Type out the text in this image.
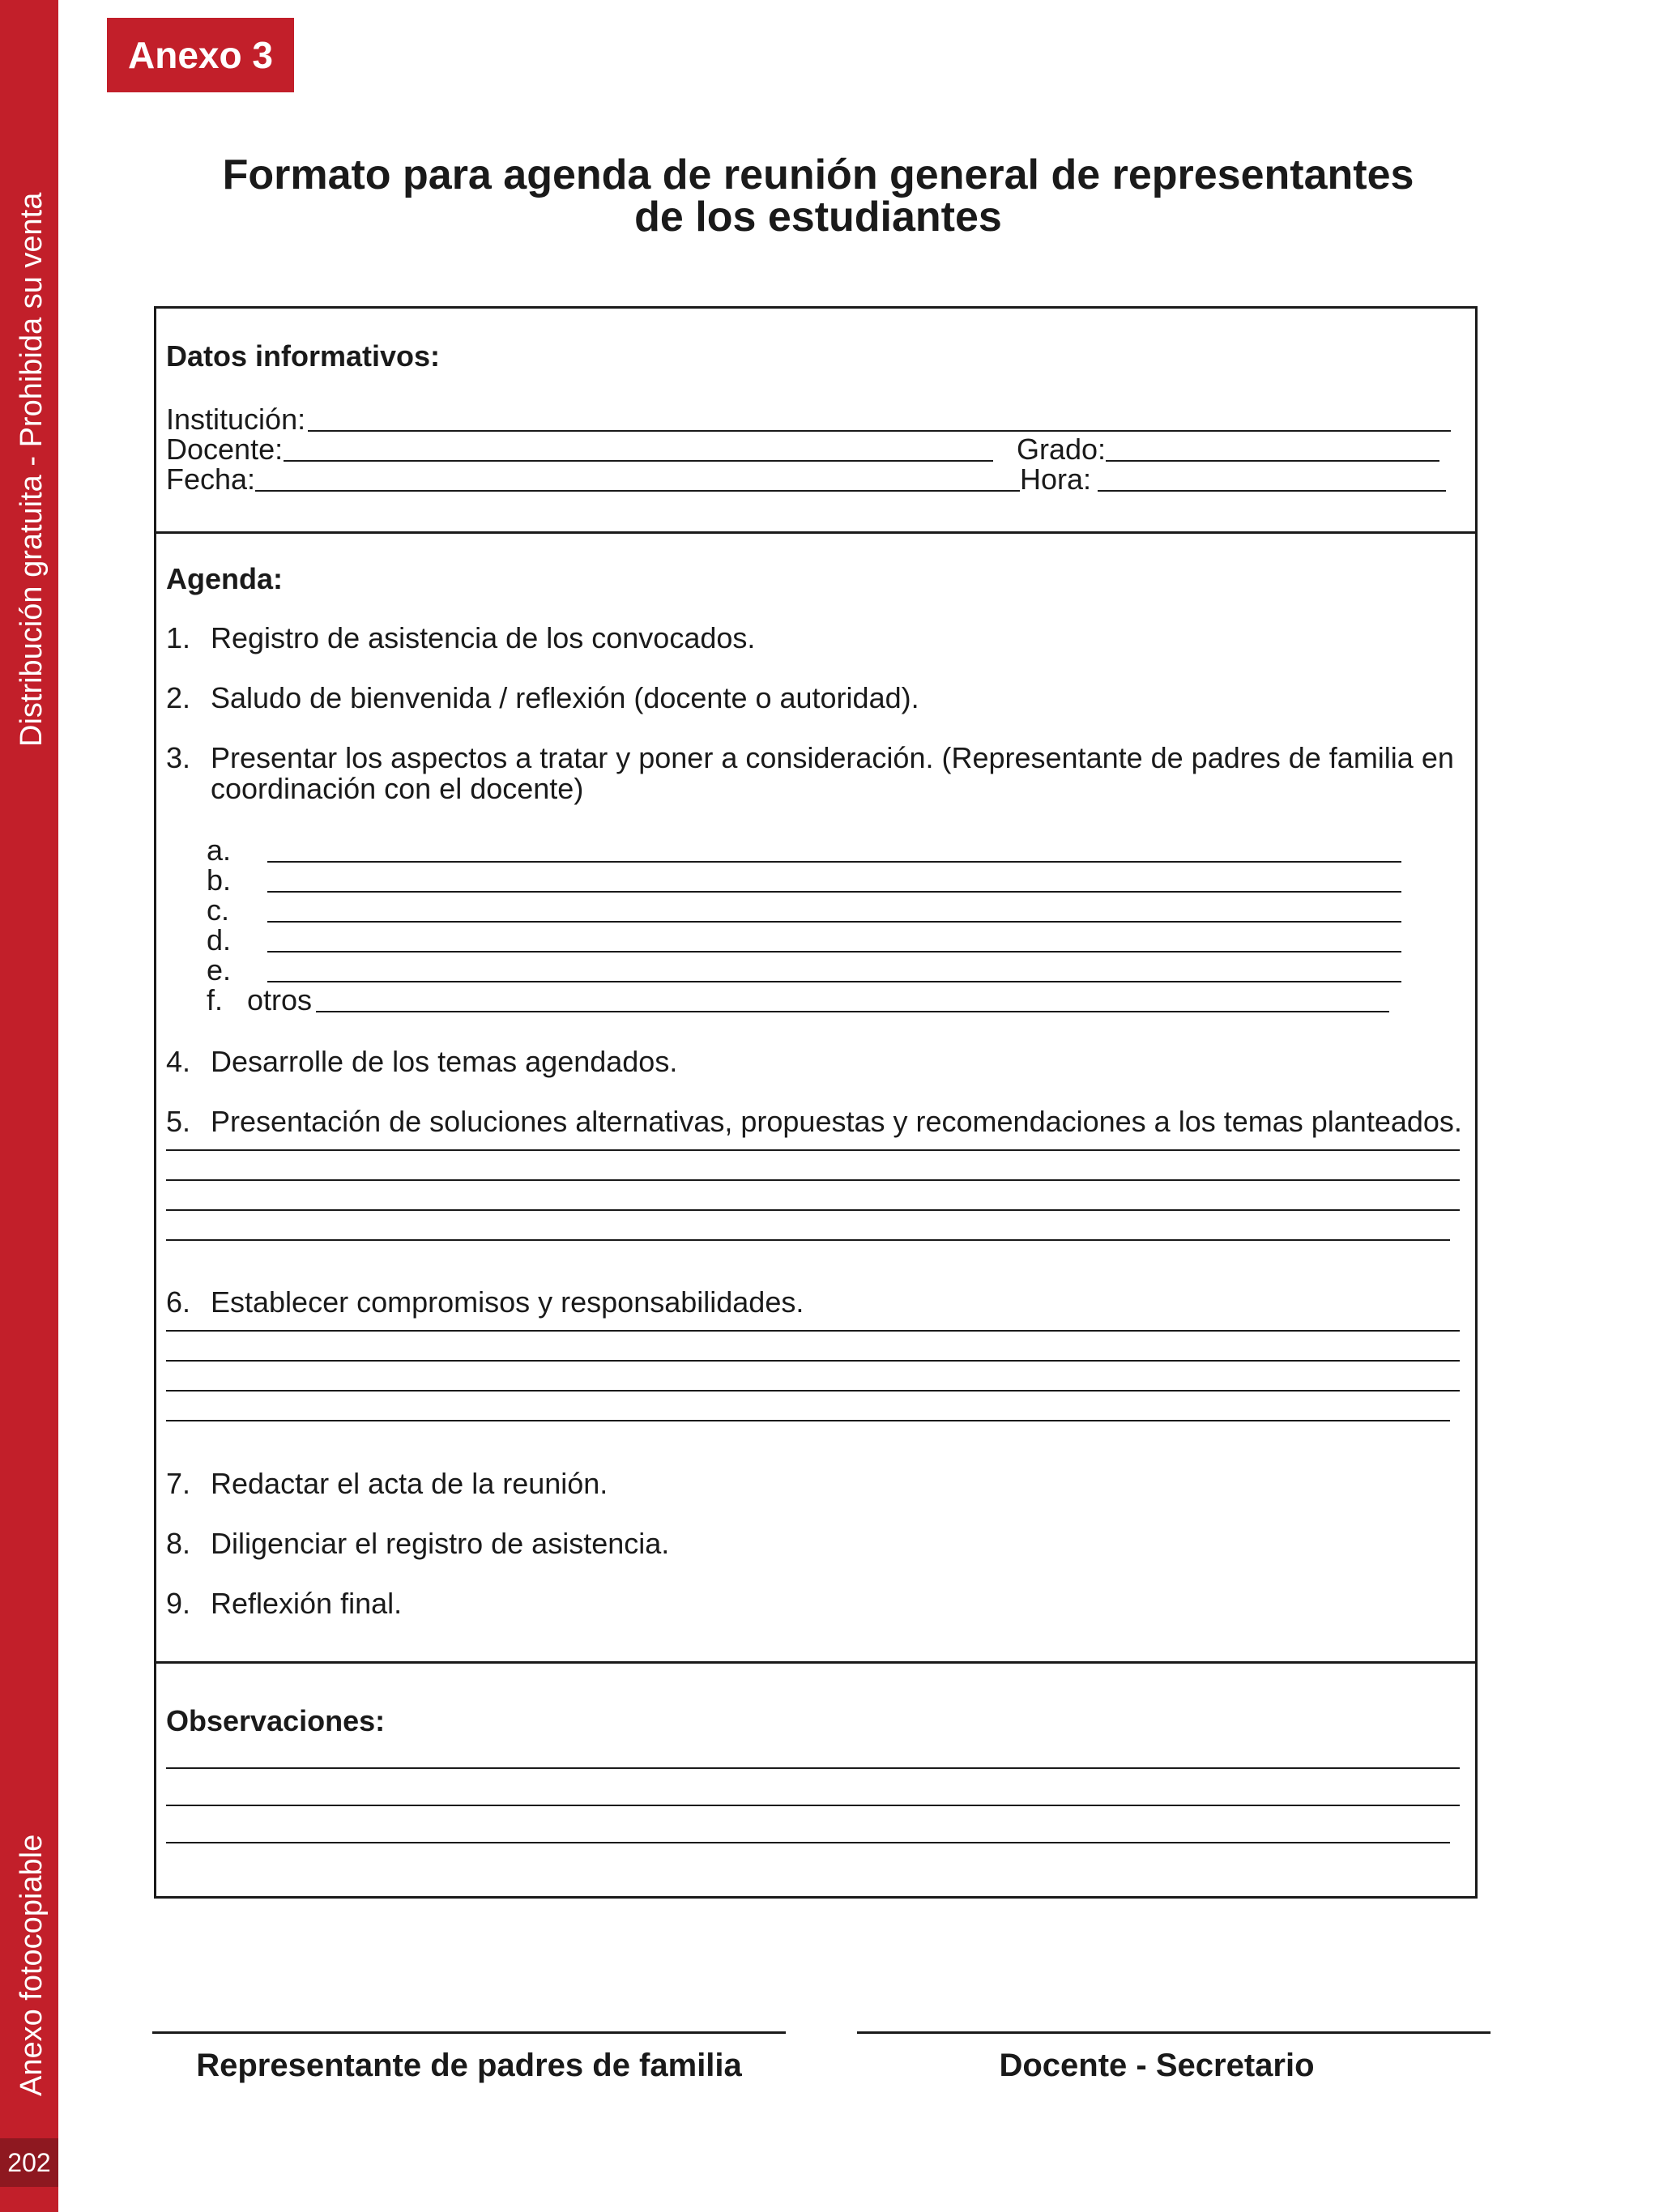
Distribución gratuita - Prohibida su venta
Anexo fotocopiable
202
Anexo 3
Formato para agenda de reunión general de representantes
de los estudiantes
Datos informativos:
Institución:
Docente:	Grado:
Fecha:	Hora:
Agenda:
1. Registro de asistencia de los convocados.
2. Saludo de bienvenida / reflexión (docente o autoridad).
3. Presentar los aspectos a tratar y poner a consideración. (Representante de padres de familia en
coordinación con el docente)
a.
b.
c.
d.
e.
f. otros
4. Desarrolle de los temas agendados.
5. Presentación de soluciones alternativas, propuestas y recomendaciones a los temas planteados.
6. Establecer compromisos y responsabilidades.
7. Redactar el acta de la reunión.
8. Diligenciar el registro de asistencia.
9. Reflexión final.
Observaciones:
Representante de padres de familia	Docente - Secretario
